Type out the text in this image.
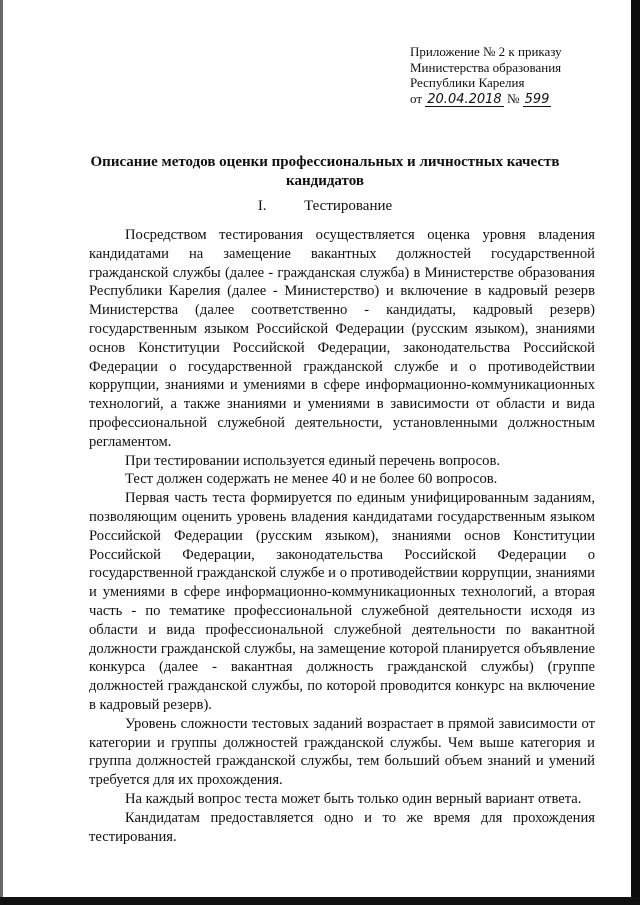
Приложение № 2 к приказу
Министерства образования
Республики Карелия
от 20.04.2018 № 599
Описание методов оценки профессиональных и личностных качеств кандидатов
I.	Тестирование

Посредством тестирования осуществляется оценка уровня владения кандидатами на замещение вакантных должностей государственной гражданской службы (далее - гражданская служба) в Министерстве образования Республики Карелия (далее - Министерство) и включение в кадровый резерв Министерства (далее соответственно - кандидаты, кадровый резерв) государственным языком Российской Федерации (русским языком), знаниями основ Конституции Российской Федерации, законодательства Российской Федерации о государственной гражданской службе и о противодействии коррупции, знаниями и умениями в сфере информационно-коммуникационных технологий, а также знаниями и умениями в зависимости от области и вида профессиональной служебной деятельности, установленными должностным регламентом.

При тестировании используется единый перечень вопросов.

Тест должен содержать не менее 40 и не более 60 вопросов.

Первая часть теста формируется по единым унифицированным заданиям, позволяющим оценить уровень владения кандидатами государственным языком Российской Федерации (русским языком), знаниями основ Конституции Российской Федерации, законодательства Российской Федерации о государственной гражданской службе и о противодействии коррупции, знаниями и умениями в сфере информационно-коммуникационных технологий, а вторая часть - по тематике профессиональной служебной деятельности исходя из области и вида профессиональной служебной деятельности по вакантной должности гражданской службы, на замещение которой планируется объявление конкурса (далее - вакантная должность гражданской службы) (группе должностей гражданской службы, по которой проводится конкурс на включение в кадровый резерв).

Уровень сложности тестовых заданий возрастает в прямой зависимости от категории и группы должностей гражданской службы. Чем выше категория и группа должностей гражданской службы, тем больший объем знаний и умений требуется для их прохождения.

На каждый вопрос теста может быть только один верный вариант ответа.

Кандидатам предоставляется одно и то же время для прохождения тестирования.
